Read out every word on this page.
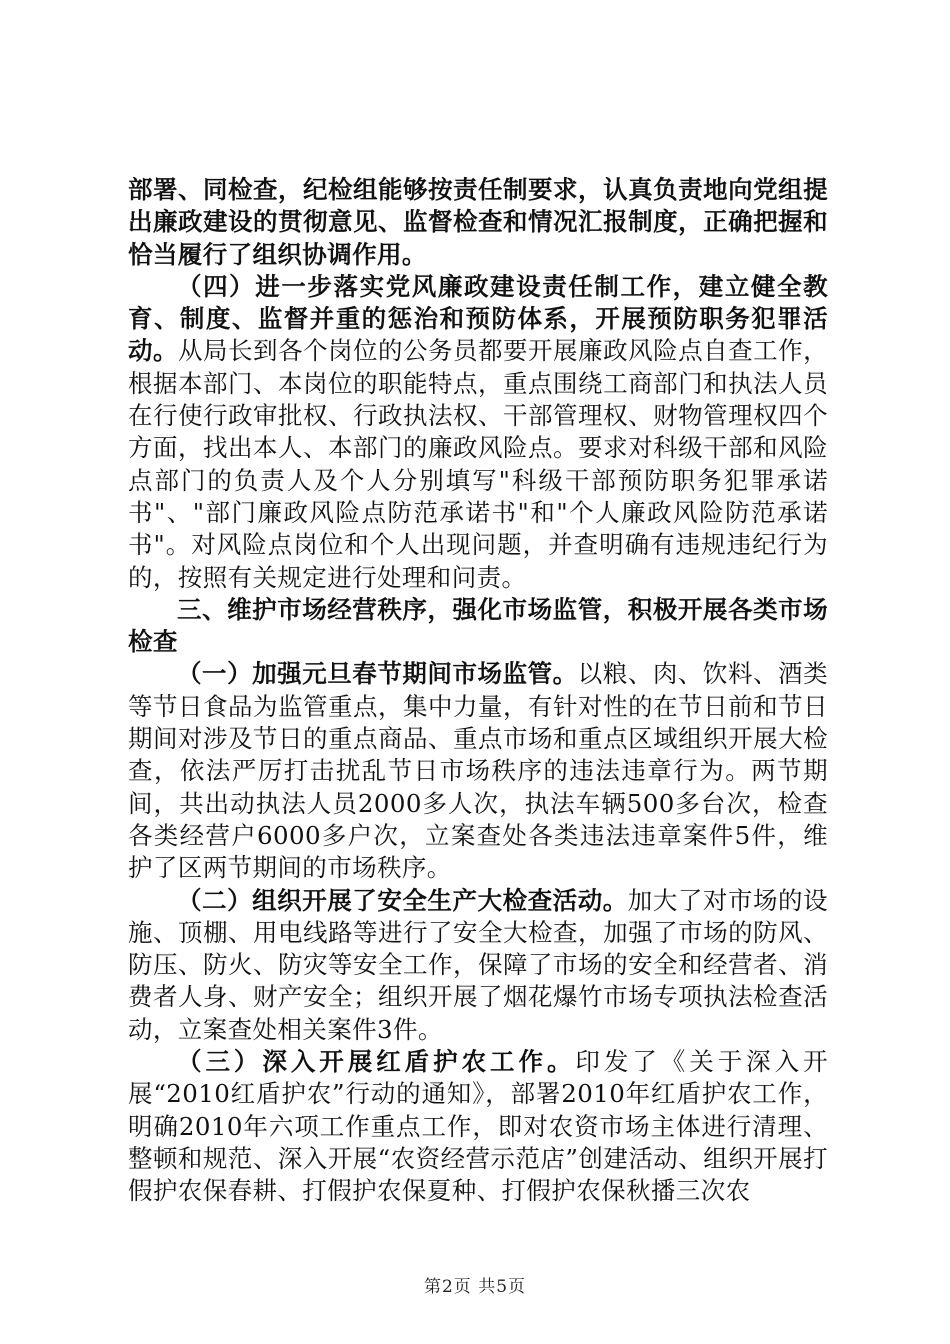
部署、同检查，纪检组能够按责任制要求，认真负责地向党组提出廉政建设的贯彻意见、监督检查和情况汇报制度，正确把握和恰当履行了组织协调作用。

（四）进一步落实党风廉政建设责任制工作，建立健全教育、制度、监督并重的惩治和预防体系，开展预防职务犯罪活动。从局长到各个岗位的公务员都要开展廉政风险点自查工作，根据本部门、本岗位的职能特点，重点围绕工商部门和执法人员在行使行政审批权、行政执法权、干部管理权、财物管理权四个方面，找出本人、本部门的廉政风险点。要求对科级干部和风险点部门的负责人及个人分别填写"科级干部预防职务犯罪承诺书"、"部门廉政风险点防范承诺书"和"个人廉政风险防范承诺书"。对风险点岗位和个人出现问题，并查明确有违规违纪行为的，按照有关规定进行处理和问责。

三、维护市场经营秩序，强化市场监管，积极开展各类市场检查

（一）加强元旦春节期间市场监管。以粮、肉、饮料、酒类等节日食品为监管重点，集中力量，有针对性的在节日前和节日期间对涉及节日的重点商品、重点市场和重点区域组织开展大检查，依法严厉打击扰乱节日市场秩序的违法违章行为。两节期间，共出动执法人员2000多人次，执法车辆500多台次，检查各类经营户6000多户次，立案查处各类违法违章案件5件，维护了区两节期间的市场秩序。

（二）组织开展了安全生产大检查活动。加大了对市场的设施、顶棚、用电线路等进行了安全大检查，加强了市场的防风、防压、防火、防灾等安全工作，保障了市场的安全和经营者、消费者人身、财产安全；组织开展了烟花爆竹市场专项执法检查活动，立案查处相关案件3件。

（三）深入开展红盾护农工作。印发了《关于深入开展“2010红盾护农”行动的通知》，部署2010年红盾护农工作，明确2010年六项工作重点工作，即对农资市场主体进行清理、整顿和规范、深入开展“农资经营示范店”创建活动、组织开展打假护农保春耕、打假护农保夏种、打假护农保秋播三次农

第2页 共5页
